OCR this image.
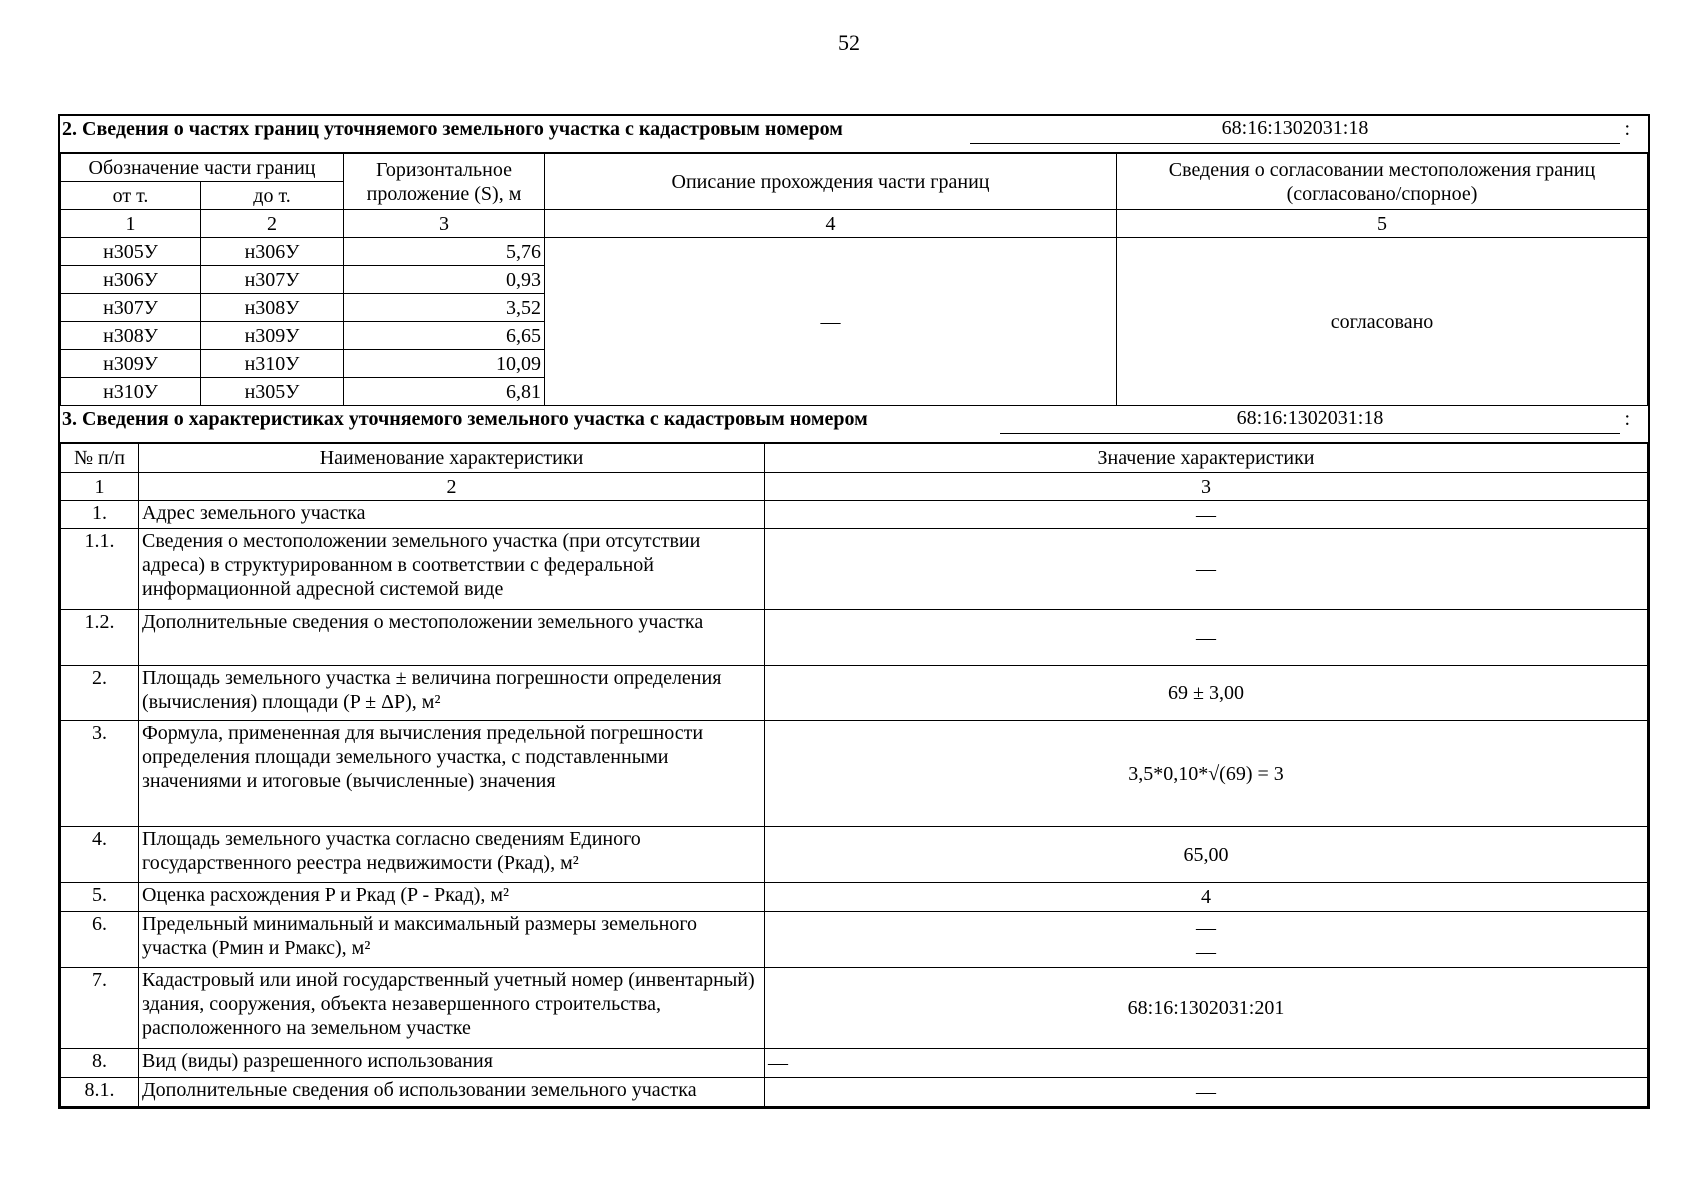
52
2. Сведения о частях границ уточняемого земельного участка с кадастровым номером	68:16:1302031:18	:
Обозначение части границ		Горизонтальное проложение (S), м	Описание прохождения части границ	Сведения о согласовании местоположения границ (согласовано/спорное)
от т.	до т.			
1	2	3	4	5
н305У	н306У	5,76	—	согласовано
н306У	н307У	0,93		
н307У	н308У	3,52		
н308У	н309У	6,65		
н309У	н310У	10,09		
н310У	н305У	6,81		
3. Сведения о характеристиках уточняемого земельного участка с кадастровым номером	68:16:1302031:18	:
№ п/п	Наименование характеристики	Значение характеристики
1	2	3
1.	Адрес земельного участка	—
1.1.	Сведения о местоположении земельного участка (при отсутствии адреса) в структурированном в соответствии с федеральной информационной адресной системой виде	—
1.2.	Дополнительные сведения о местоположении земельного участка	—
2.	Площадь земельного участка ± величина погрешности определения (вычисления) площади (P ± ΔP), м²	69 ± 3,00
3.	Формула, примененная для вычисления предельной погрешности определения площади земельного участка, с подставленными значениями и итоговые (вычисленные) значения	3,5*0,10*√(69) = 3
4.	Площадь земельного участка согласно сведениям Единого государственного реестра недвижимости (Ркад), м²	65,00
5.	Оценка расхождения P и Ркад (P - Ркад), м²	4
6.	Предельный минимальный и максимальный размеры земельного участка (Рмин и Рмакс), м²	—
—

7.	Кадастровый или иной государственный учетный номер (инвентарный) здания, сооружения, объекта незавершенного строительства, расположенного на земельном участке	68:16:1302031:201
8.	Вид (виды) разрешенного использования	—
8.1.	Дополнительные сведения об использовании земельного участка	—
